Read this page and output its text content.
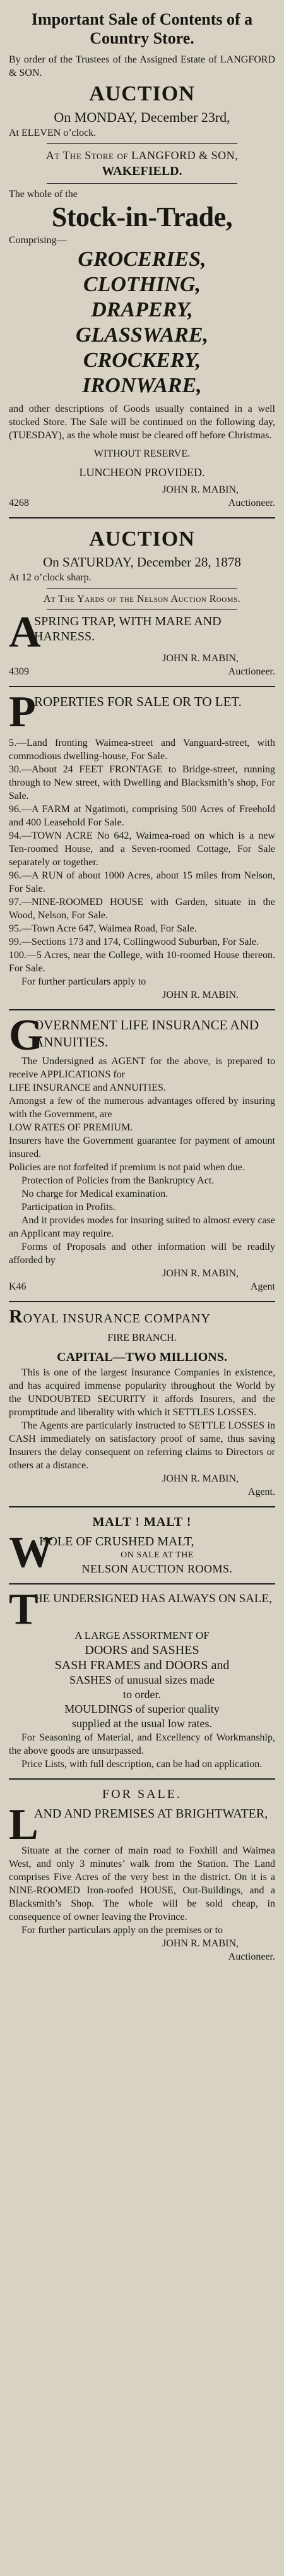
Important Sale of Contents of a Country Store.
By order of the Trustees of the Assigned Estate of LANGFORD & SON.
AUCTION
On MONDAY, December 23rd,
At ELEVEN o’clock.
At The Store of LANGFORD & SON,
WAKEFIELD.
The whole of the
Stock-in-Trade,
Comprising—
GROCERIES,
CLOTHING,
DRAPERY,
GLASSWARE,
CROCKERY,
IRONWARE,
and other descriptions of Goods usually contained in a well stocked Store. The Sale will be continued on the following day, (TUESDAY), as the whole must be cleared off before Christmas.
WITHOUT RESERVE.
LUNCHEON PROVIDED.
JOHN R. MABIN,
4268	Auctioneer.
AUCTION
On SATURDAY, December 28, 1878
At 12 o’clock sharp.
At The Yards of the Nelson Auction Rooms.
A
SPRING TRAP, WITH MARE AND HARNESS.
JOHN R. MABIN,
4309	Auctioneer.
P
ROPERTIES FOR SALE OR TO LET.
5.—Land fronting Waimea-street and Vanguard-street, with commodious dwelling-house, For Sale.
30.—About 24 FEET FRONTAGE to Bridge-street, running through to New street, with Dwelling and Blacksmith’s shop, For Sale.
96.—A FARM at Ngatimoti, comprising 500 Acres of Freehold and 400 Leasehold For Sale.
94.—TOWN ACRE No 642, Waimea-road on which is a new Ten-roomed House, and a Seven-roomed Cottage, For Sale separately or together.
96.—A RUN of about 1000 Acres, about 15 miles from Nelson, For Sale.
97.—NINE-ROOMED HOUSE with Garden, situate in the Wood, Nelson, For Sale.
95.—Town Acre 647, Waimea Road, For Sale.
99.—Sections 173 and 174, Collingwood Suburban, For Sale.
100.—5 Acres, near the College, with 10-roomed House thereon. For Sale.
For further particulars apply to
JOHN R. MABIN.
G
OVERNMENT LIFE INSURANCE AND ANNUITIES.
The Undersigned as AGENT for the above, is prepared to receive APPLICATIONS for
LIFE INSURANCE and ANNUITIES.
Amongst a few of the numerous advantages offered by insuring with the Government, are
LOW RATES OF PREMIUM.
Insurers have the Government guarantee for payment of amount insured.
Policies are not forfeited if premium is not paid when due.
Protection of Policies from the Bankruptcy Act.
No charge for Medical examination.
Participation in Profits.
And it provides modes for insuring suited to almost every case an Applicant may require.
Forms of Proposals and other information will be readily afforded by
JOHN R. MABIN,
K46	Agent
ROYAL INSURANCE COMPANY
FIRE BRANCH.
CAPITAL—TWO MILLIONS.
This is one of the largest Insurance Companies in existence, and has acquired immense popularity throughout the World by the UNDOUBTED SECURITY it affords Insurers, and the promptitude and liberality with which it SETTLES LOSSES.
The Agents are particularly instructed to SETTLE LOSSES in CASH immediately on satisfactory proof of same, thus saving Insurers the delay consequent on referring claims to Directors or others at a distance.
JOHN R. MABIN,
Agent.
MALT ! MALT !
W
HOLE OF CRUSHED MALT,
ON SALE AT THE
NELSON AUCTION ROOMS.
T
HE UNDERSIGNED HAS ALWAYS ON SALE,
A LARGE ASSORTMENT OF
DOORS and SASHES
SASH FRAMES and DOORS and
SASHES of unusual sizes made
to order.
MOULDINGS of superior quality
supplied at the usual low rates.
For Seasoning of Material, and Excellency of Workmanship, the above goods are unsurpassed.
Price Lists, with full description, can be had on application.
FOR SALE.
L
AND AND PREMISES AT BRIGHTWATER,
Situate at the corner of main road to Foxhill and Waimea West, and only 3 minutes’ walk from the Station. The Land comprises Five Acres of the very best in the district. On it is a NINE-ROOMED Iron-roofed HOUSE, Out-Buildings, and a Blacksmith’s Shop. The whole will be sold cheap, in consequence of owner leaving the Province.
For further particulars apply on the premises or to
JOHN R. MABIN,
Auctioneer.
